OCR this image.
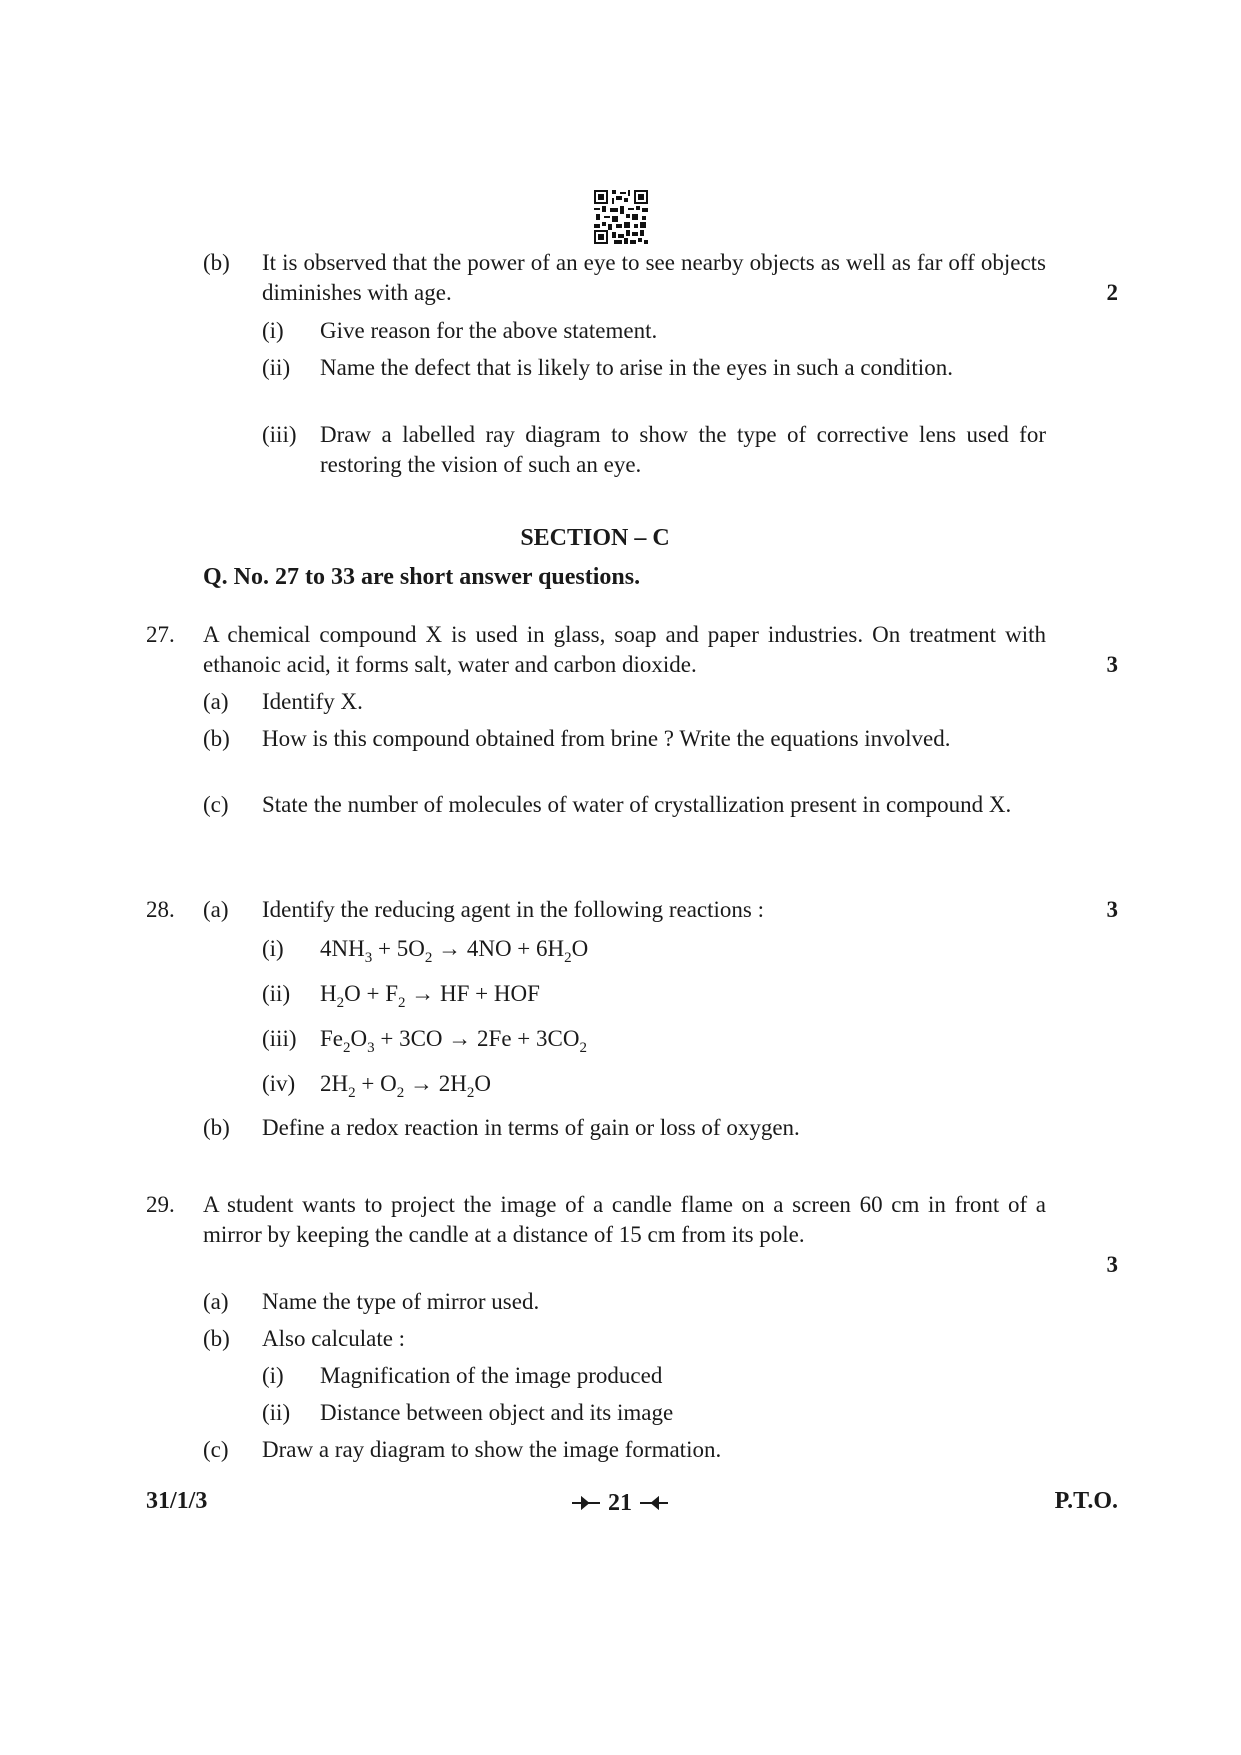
(b) It is observed that the power of an eye to see nearby objects as well as far off objects diminishes with age.	2
(i) Give reason for the above statement.
(ii) Name the defect that is likely to arise in the eyes in such a condition.
(iii) Draw a labelled ray diagram to show the type of corrective lens used for restoring the vision of such an eye.
SECTION – C
Q. No. 27 to 33 are short answer questions.
27. A chemical compound X is used in glass, soap and paper industries. On treatment with ethanoic acid, it forms salt, water and carbon dioxide.	3
(a) Identify X.
(b) How is this compound obtained from brine ? Write the equations involved.
(c) State the number of molecules of water of crystallization present in compound X.
28. (a) Identify the reducing agent in the following reactions :	3
(i) $4NH_3 + 5O_2 \to 4NO + 6H_2O$
(ii) $H_2O + F_2$ → HF + HOF
(iii) $Fe_2O_3 + 3CO \to 2Fe + 3CO_2$
(iv) $2H_2 + O_2 \to 2H_2O$
(b) Define a redox reaction in terms of gain or loss of oxygen.
29. A student wants to project the image of a candle flame on a screen 60 cm in front of a mirror by keeping the candle at a distance of 15 cm from its pole.
3
(a) Name the type of mirror used.
(b) Also calculate :
(i) Magnification of the image produced
(ii) Distance between object and its image
(c) Draw a ray diagram to show the image formation.
31/1/3	21	P.T.O.
